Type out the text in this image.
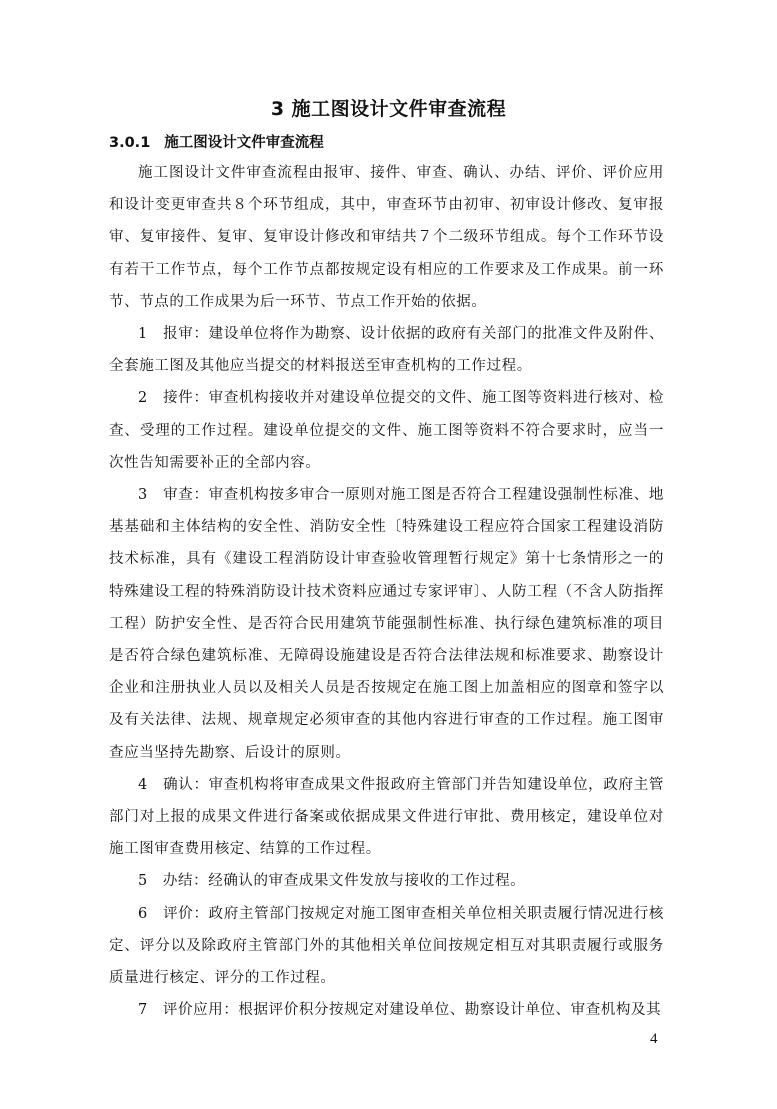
3 施工图设计文件审查流程
3.0.1 施工图设计文件审查流程

施工图设计文件审查流程由报审、接件、审查、确认、办结、评价、评价应用和设计变更审查共８个环节组成，其中，审查环节由初审、初审设计修改、复审报审、复审接件、复审、复审设计修改和审结共７个二级环节组成。每个工作环节设有若干工作节点，每个工作节点都按规定设有相应的工作要求及工作成果。前一环节、节点的工作成果为后一环节、节点工作开始的依据。

1　报审：建设单位将作为勘察、设计依据的政府有关部门的批准文件及附件、全套施工图及其他应当提交的材料报送至审查机构的工作过程。

2　接件：审查机构接收并对建设单位提交的文件、施工图等资料进行核对、检查、受理的工作过程。建设单位提交的文件、施工图等资料不符合要求时，应当一次性告知需要补正的全部内容。

3　审查：审查机构按多审合一原则对施工图是否符合工程建设强制性标准、地基基础和主体结构的安全性、消防安全性〔特殊建设工程应符合国家工程建设消防技术标准，具有《建设工程消防设计审查验收管理暂行规定》第十七条情形之一的特殊建设工程的特殊消防设计技术资料应通过专家评审〕、人防工程（不含人防指挥工程）防护安全性、是否符合民用建筑节能强制性标准、执行绿色建筑标准的项目是否符合绿色建筑标准、无障碍设施建设是否符合法律法规和标准要求、勘察设计企业和注册执业人员以及相关人员是否按规定在施工图上加盖相应的图章和签字以及有关法律、法规、规章规定必须审查的其他内容进行审查的工作过程。施工图审查应当坚持先勘察、后设计的原则。

4　确认：审查机构将审查成果文件报政府主管部门并告知建设单位，政府主管部门对上报的成果文件进行备案或依据成果文件进行审批、费用核定，建设单位对施工图审查费用核定、结算的工作过程。

5　办结：经确认的审查成果文件发放与接收的工作过程。

6　评价：政府主管部门按规定对施工图审查相关单位相关职责履行情况进行核定、评分以及除政府主管部门外的其他相关单位间按规定相互对其职责履行或服务质量进行核定、评分的工作过程。

7　评价应用：根据评价积分按规定对建设单位、勘察设计单位、审查机构及其

4
